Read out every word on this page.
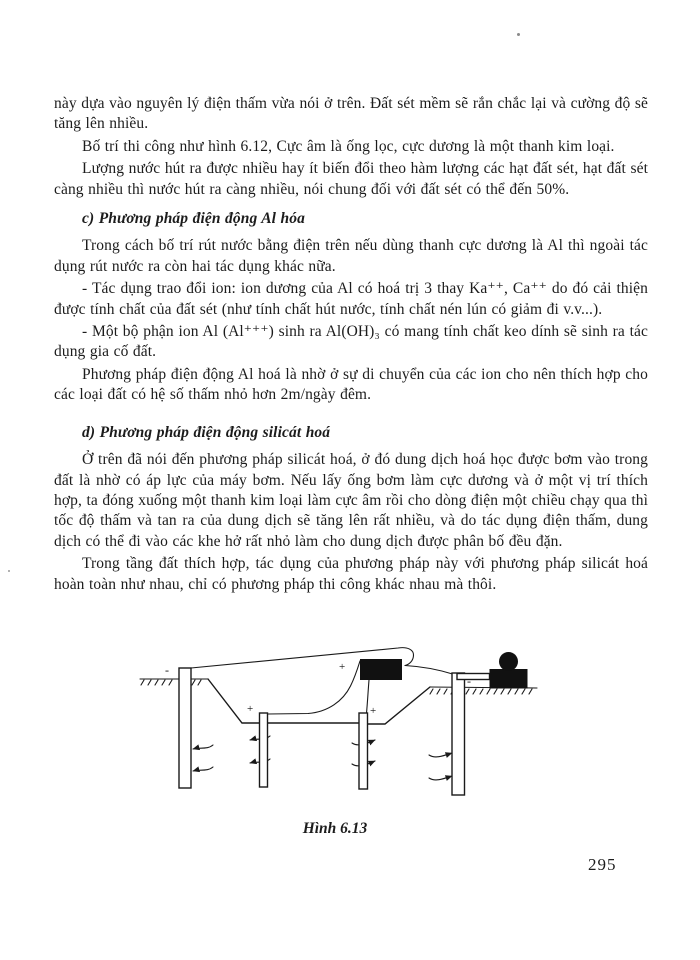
này dựa vào nguyên lý điện thấm vừa nói ở trên. Đất sét mềm sẽ rắn chắc lại và cường độ sẽ tăng lên nhiều.

Bố trí thi công như hình 6.12, Cực âm là ống lọc, cực dương là một thanh kim loại.

Lượng nước hút ra được nhiều hay ít biến đổi theo hàm lượng các hạt đất sét, hạt đất sét càng nhiều thì nước hút ra càng nhiều, nói chung đối với đất sét có thể đến 50%.

c) Phương pháp điện động Al hóa

Trong cách bố trí rút nước bằng điện trên nếu dùng thanh cực dương là Al thì ngoài tác dụng rút nước ra còn hai tác dụng khác nữa.

- Tác dụng trao đổi ion: ion dương của Al có hoá trị 3 thay Ka⁺⁺, Ca⁺⁺ do đó cải thiện được tính chất của đất sét (như tính chất hút nước, tính chất nén lún có giảm đi v.v...).

- Một bộ phận ion Al (Al⁺⁺⁺) sinh ra Al(OH)₃ có mang tính chất keo dính sẽ sinh ra tác dụng gia cố đất.

Phương pháp điện động Al hoá là nhờ ở sự di chuyển của các ion cho nên thích hợp cho các loại đất có hệ số thấm nhỏ hơn 2m/ngày đêm.

d) Phương pháp điện động silicát hoá

Ở trên đã nói đến phương pháp silicát hoá, ở đó dung dịch hoá học được bơm vào trong đất là nhờ có áp lực của máy bơm. Nếu lấy ống bơm làm cực dương và ở một vị trí thích hợp, ta đóng xuống một thanh kim loại làm cực âm rồi cho dòng điện một chiều chạy qua thì tốc độ thấm và tan ra của dung dịch sẽ tăng lên rất nhiều, và do tác dụng điện thấm, dung dịch có thể đi vào các khe hở rất nhỏ làm cho dung dịch được phân bố đều đặn.

Trong tầng đất thích hợp, tác dụng của phương pháp này với phương pháp silicát hoá hoàn toàn như nhau, chỉ có phương pháp thi công khác nhau mà thôi.

+
+	+
-
-
Hình 6.13
295
